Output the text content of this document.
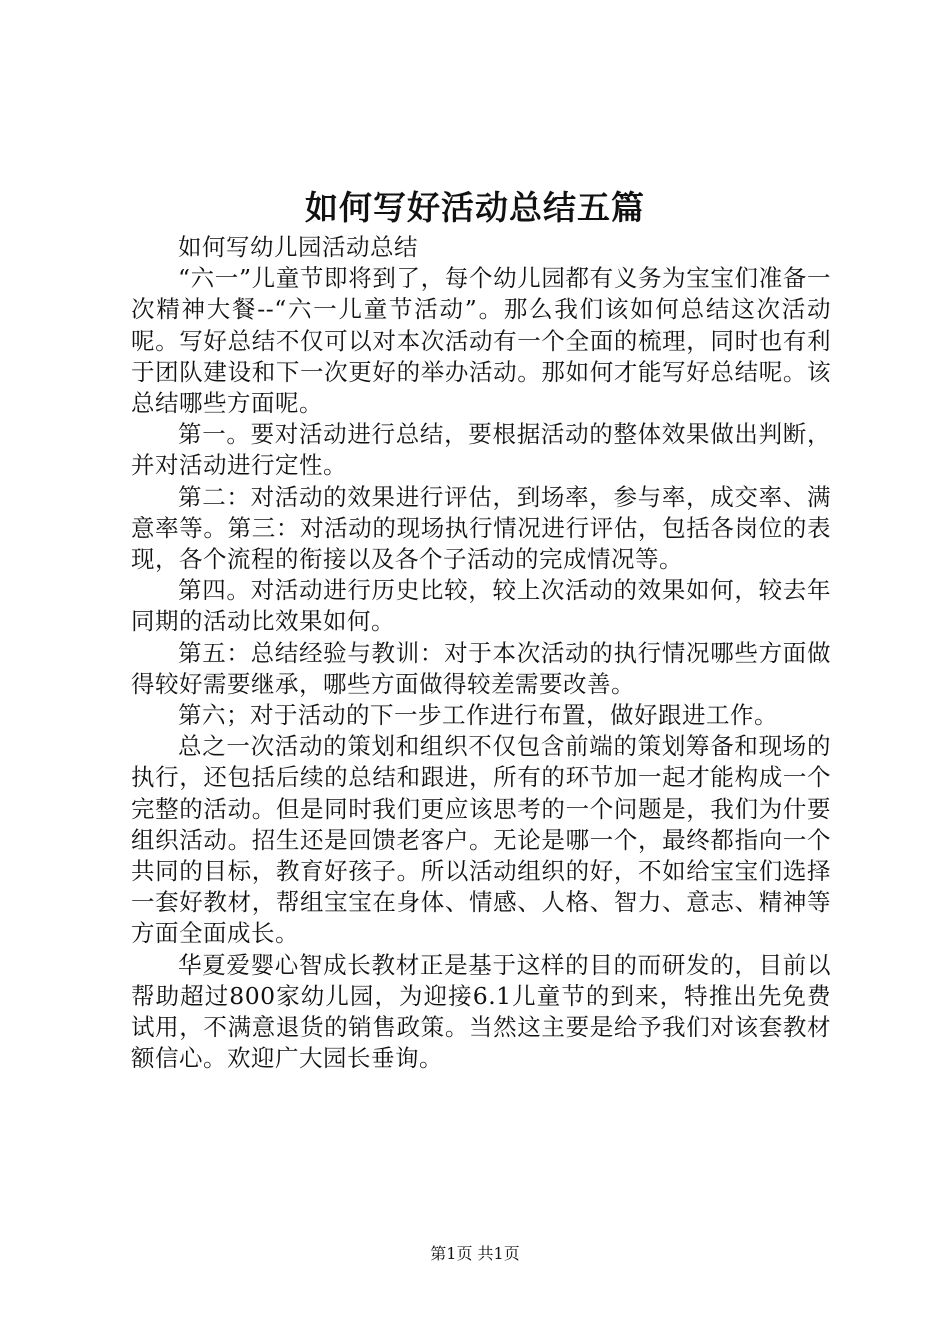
如何写好活动总结五篇

如何写幼儿园活动总结

“六一”儿童节即将到了，每个幼儿园都有义务为宝宝们准备一次精神大餐--“六一儿童节活动”。那么我们该如何总结这次活动呢。写好总结不仅可以对本次活动有一个全面的梳理，同时也有利于团队建设和下一次更好的举办活动。那如何才能写好总结呢。该总结哪些方面呢。

第一。要对活动进行总结，要根据活动的整体效果做出判断，并对活动进行定性。

第二：对活动的效果进行评估，到场率，参与率，成交率、满意率等。第三：对活动的现场执行情况进行评估，包括各岗位的表现，各个流程的衔接以及各个子活动的完成情况等。

第四。对活动进行历史比较，较上次活动的效果如何，较去年同期的活动比效果如何。

第五：总结经验与教训：对于本次活动的执行情况哪些方面做得较好需要继承，哪些方面做得较差需要改善。

第六；对于活动的下一步工作进行布置，做好跟进工作。

总之一次活动的策划和组织不仅包含前端的策划筹备和现场的执行，还包括后续的总结和跟进，所有的环节加一起才能构成一个完整的活动。但是同时我们更应该思考的一个问题是，我们为什要组织活动。招生还是回馈老客户。无论是哪一个，最终都指向一个共同的目标，教育好孩子。所以活动组织的好，不如给宝宝们选择一套好教材，帮组宝宝在身体、情感、人格、智力、意志、精神等方面全面成长。

华夏爱婴心智成长教材正是基于这样的目的而研发的，目前以帮助超过800家幼儿园，为迎接6.1儿童节的到来，特推出先免费试用，不满意退货的销售政策。当然这主要是给予我们对该套教材额信心。欢迎广大园长垂询。

第1页 共1页
